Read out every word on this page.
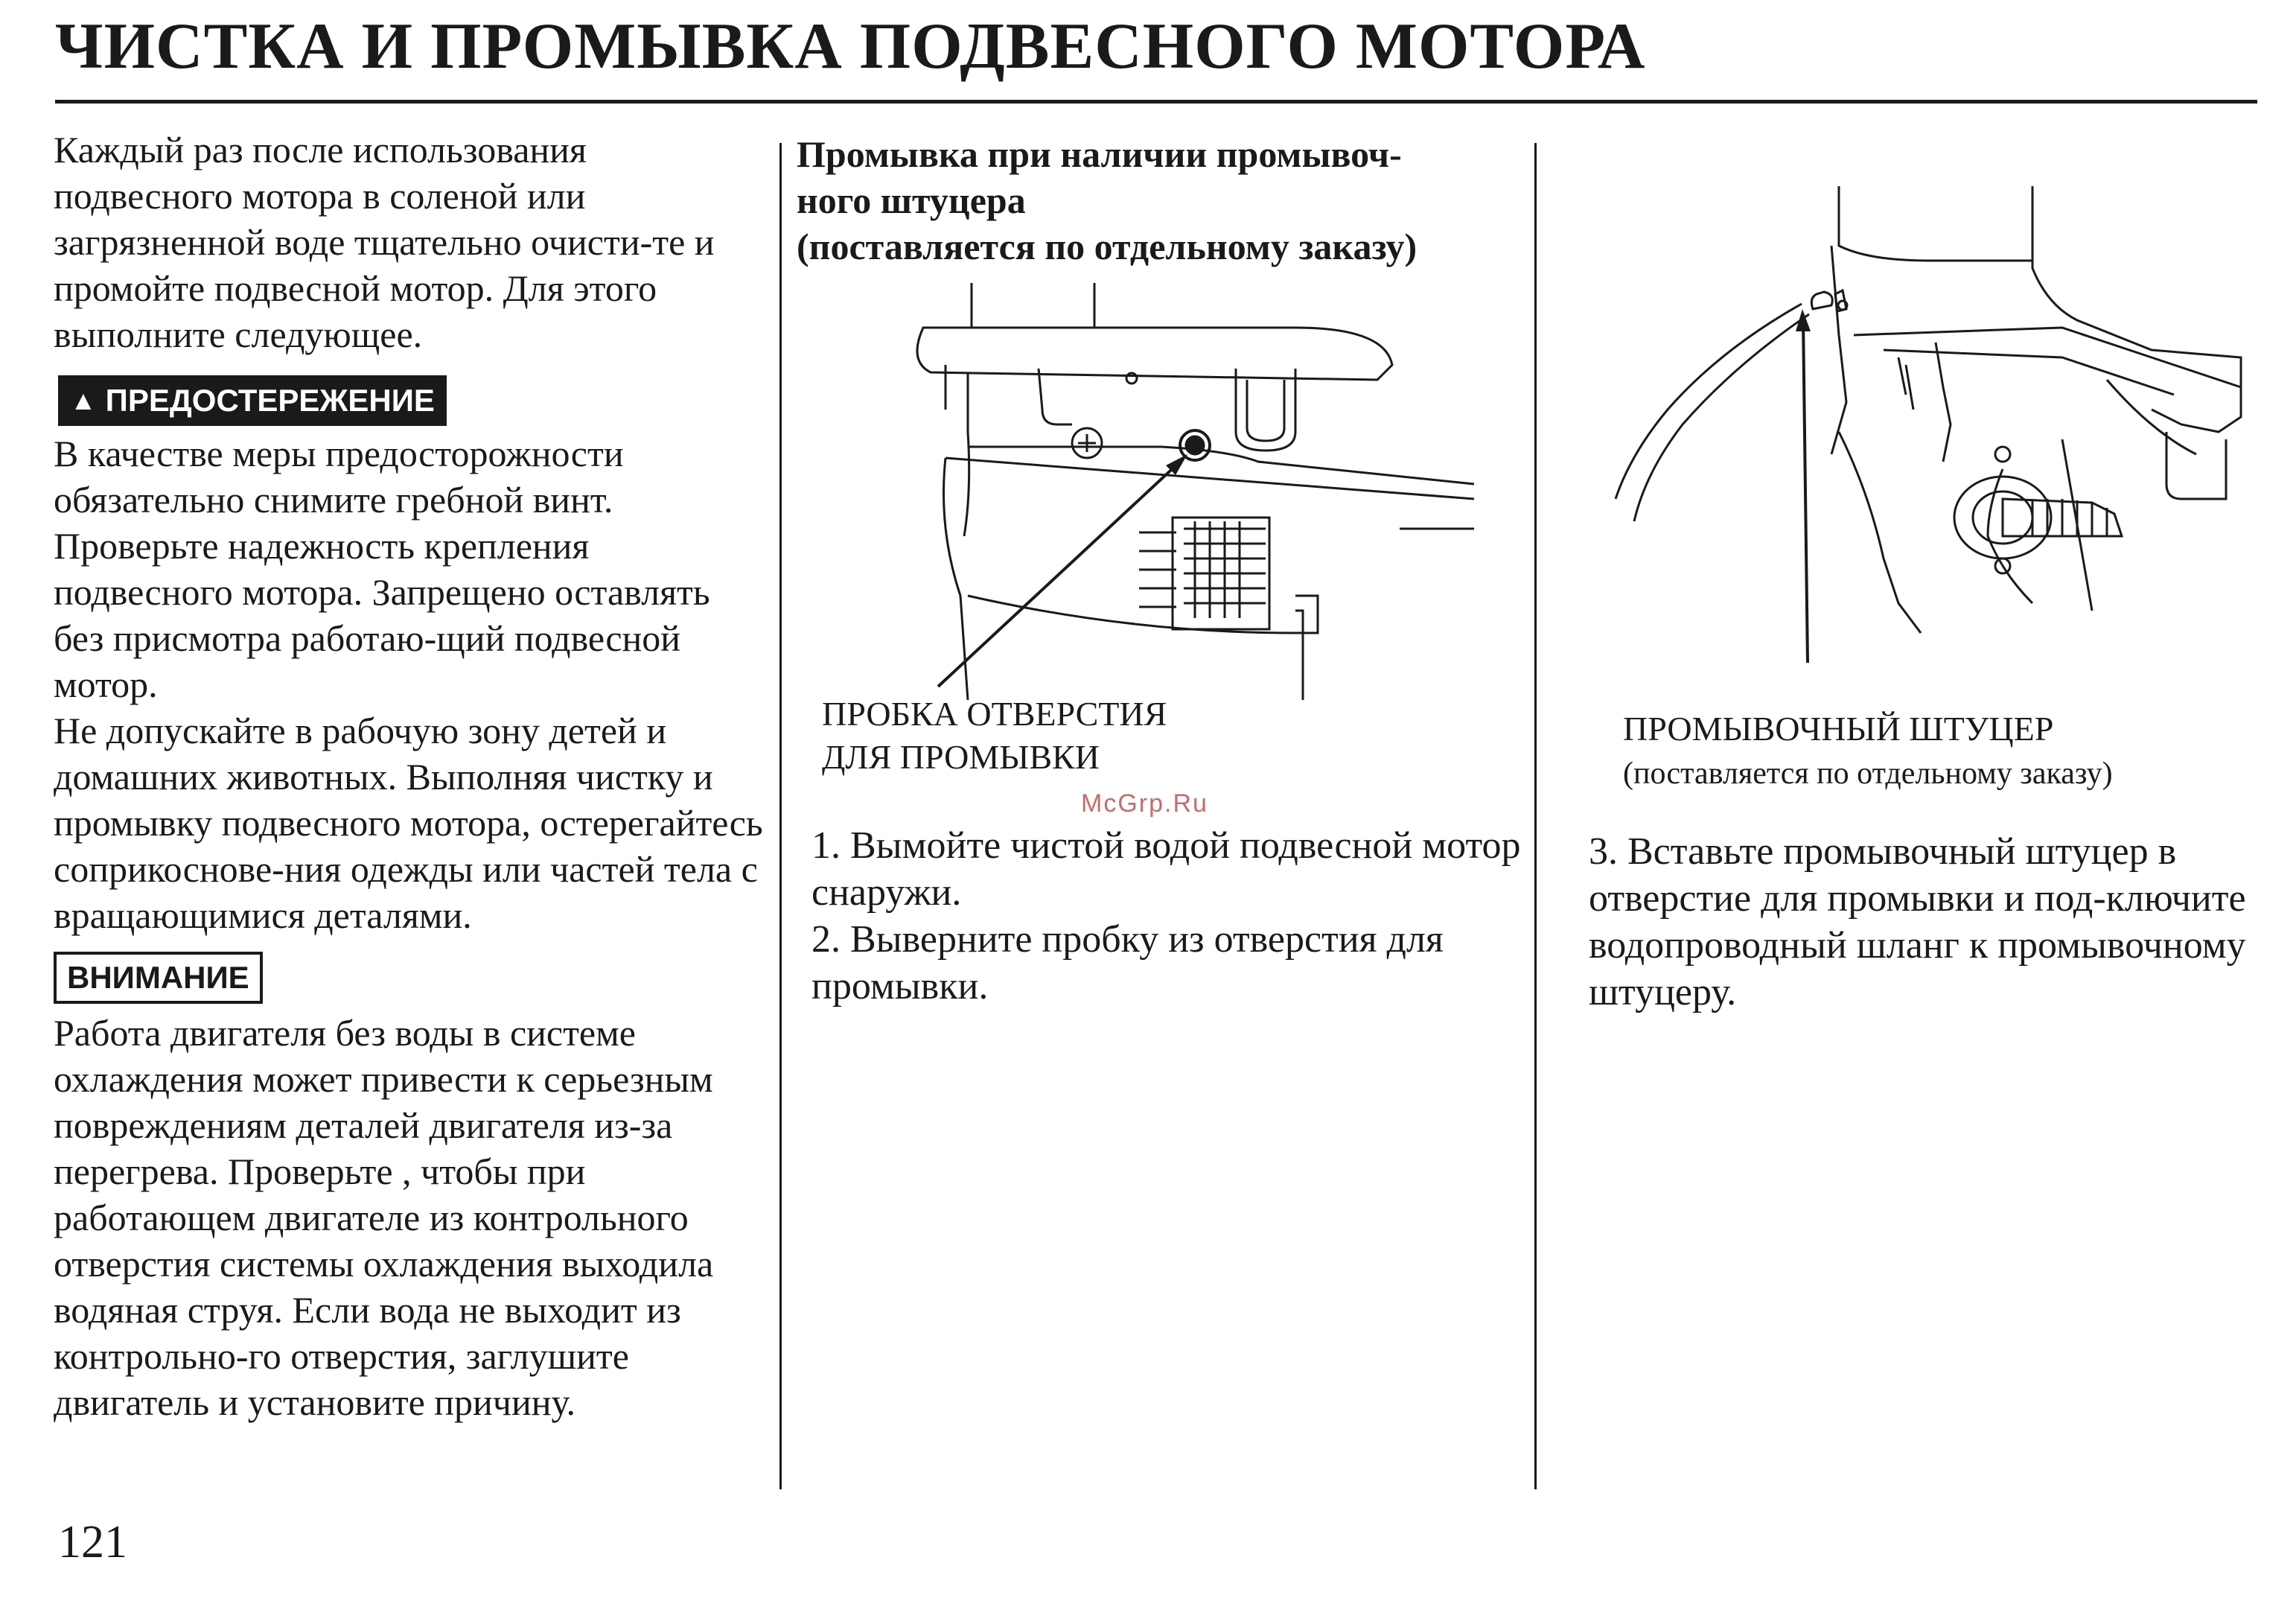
ЧИСТКА И ПРОМЫВКА ПОДВЕСНОГО МОТОРА

Каждый раз после использования подвесного мотора в соленой или загрязненной воде тщательно очисти-те и промойте подвесной мотор. Для этого выполните следующее.

▲ ПРЕДОСТЕРЕЖЕНИЕ

В качестве меры предосторожности обязательно снимите гребной винт. Проверьте надежность крепления подвесного мотора. Запрещено оставлять без присмотра работаю-щий подвесной мотор.

Не допускайте в рабочую зону детей и домашних животных. Выполняя чистку и промывку подвесного мотора, остерегайтесь соприкоснове-ния одежды или частей тела с вращающимися деталями.

ВНИМАНИЕ

Работа двигателя без воды в системе охлаждения может привести к серьезным повреждениям деталей двигателя из-за перегрева. Проверьте , чтобы при работающем двигателе из контрольного отверстия системы охлаждения выходила водяная струя. Если вода не выходит из контрольно-го отверстия, заглушите двигатель и установите причину.

Промывка при наличии промывоч-
ного штуцера
(поставляется по отдельному заказу)

ПРОБКА ОТВЕРСТИЯ
ДЛЯ ПРОМЫВКИ
McGrp.Ru

1. Вымойте чистой водой подвесной мотор снаружи.

2. Выверните пробку из отверстия для промывки.

ПРОМЫВОЧНЫЙ ШТУЦЕР
(поставляется по отдельному заказу)

3. Вставьте промывочный штуцер в отверстие для промывки и под-ключите водопроводный шланг к промывочному штуцеру.

121
